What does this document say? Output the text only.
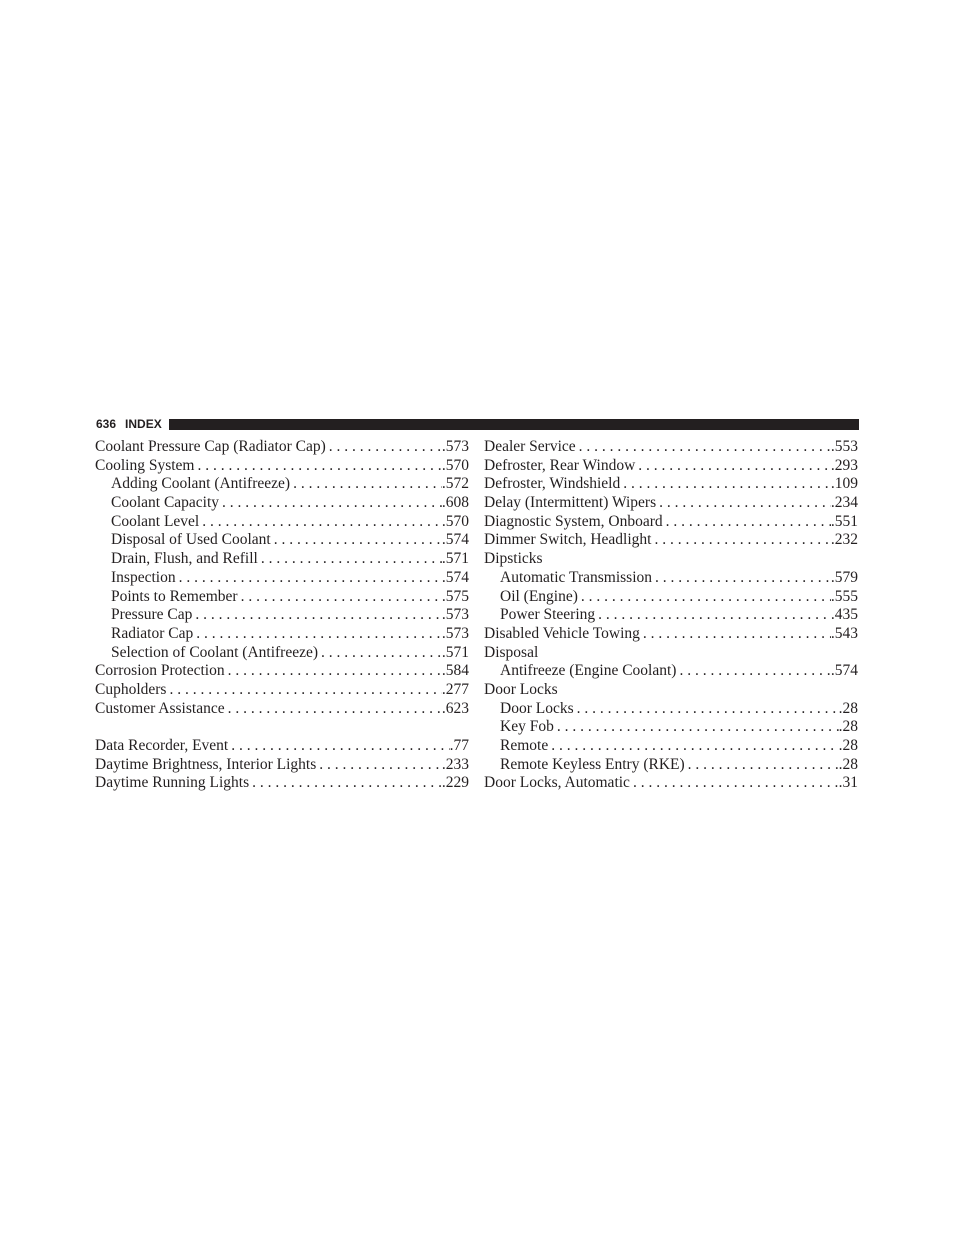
636 INDEX
Coolant Pressure Cap (Radiator Cap) . . .	.573
Cooling System . . .	.570
Adding Coolant (Antifreeze) . . .	.572
Coolant Capacity . . .	.608
Coolant Level . . .	.570
Disposal of Used Coolant . . .	.574
Drain, Flush, and Refill . . .	.571
Inspection . . .	.574
Points to Remember . . .	.575
Pressure Cap . . .	.573
Radiator Cap . . .	.573
Selection of Coolant (Antifreeze) . . .	.571
Corrosion Protection . . .	.584
Cupholders . . .	.277
Customer Assistance . . .	.623
Data Recorder, Event . . .	.77
Daytime Brightness, Interior Lights . . .	.233
Daytime Running Lights . . .	.229
Dealer Service . . .	.553
Defroster, Rear Window . . .	.293
Defroster, Windshield . . .	.109
Delay (Intermittent) Wipers . . .	.234
Diagnostic System, Onboard . . .	.551
Dimmer Switch, Headlight . . .	.232
Dipsticks
Automatic Transmission . . .	.579
Oil (Engine) . . .	.555
Power Steering . . .	.435
Disabled Vehicle Towing . . .	.543
Disposal
Antifreeze (Engine Coolant) . . .	.574
Door Locks
Door Locks . . .	.28
Key Fob . . .	.28
Remote . . .	.28
Remote Keyless Entry (RKE) . . .	.28
Door Locks, Automatic . . .	.31
